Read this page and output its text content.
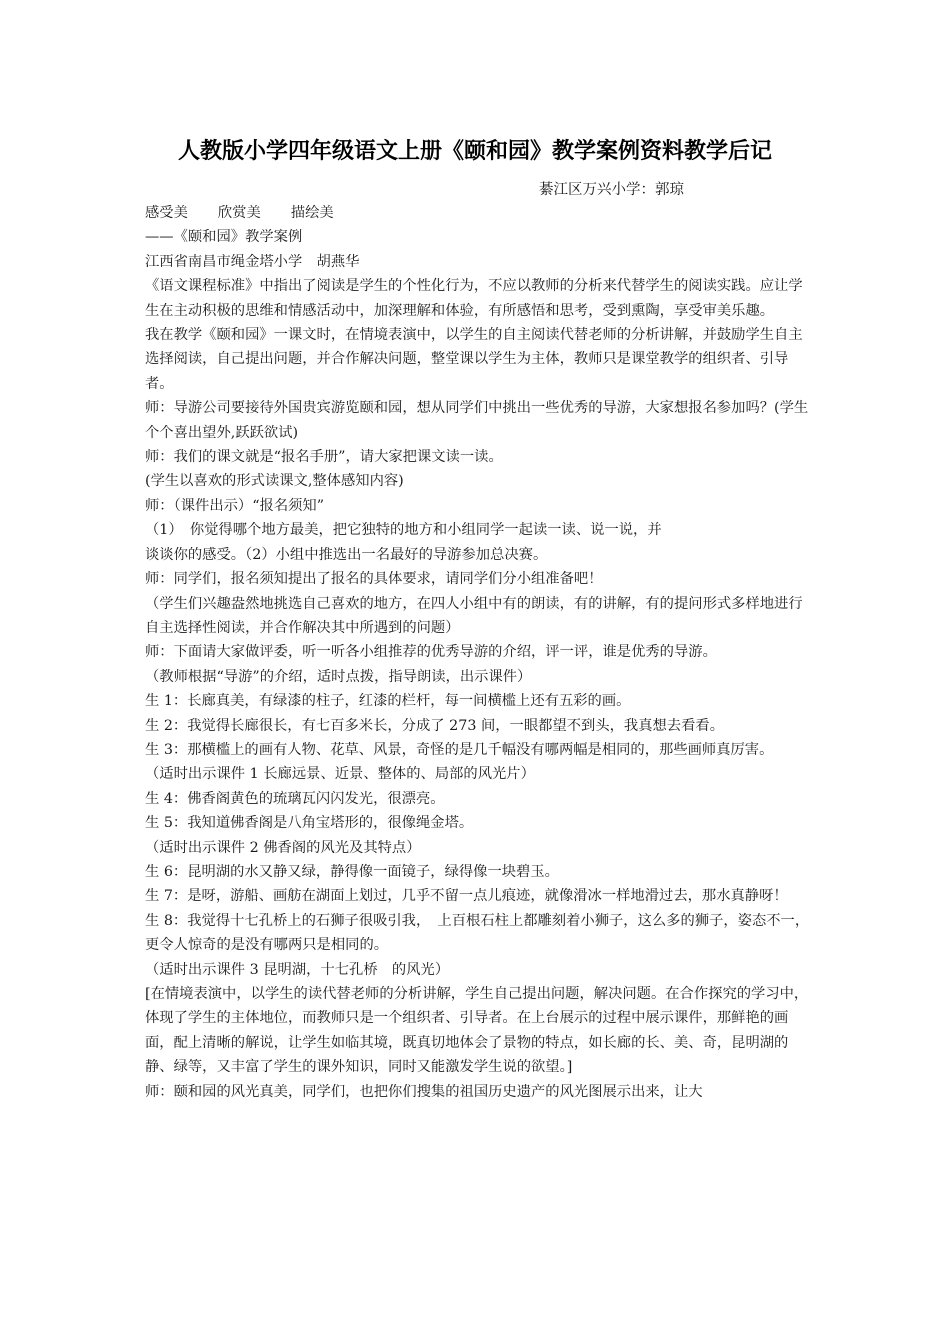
人教版小学四年级语文上册《颐和园》教学案例资料教学后记
綦江区万兴小学：郭琼

感受美 欣赏美 描绘美

——《颐和园》教学案例

江西省南昌市绳金塔小学　胡燕华

《语文课程标准》中指出了阅读是学生的个性化行为，不应以教师的分析来代替学生的阅读实践。应让学生在主动积极的思维和情感活动中，加深理解和体验，有所感悟和思考，受到熏陶，享受审美乐趣。

我在教学《颐和园》一课文时，在情境表演中，以学生的自主阅读代替老师的分析讲解，并鼓励学生自主选择阅读，自己提出问题，并合作解决问题，整堂课以学生为主体，教师只是课堂教学的组织者、引导者。

师：导游公司要接待外国贵宾游览颐和园，想从同学们中挑出一些优秀的导游，大家想报名参加吗？(学生个个喜出望外,跃跃欲试)

师：我们的课文就是“报名手册”，请大家把课文读一读。

(学生以喜欢的形式读课文,整体感知内容)

师：（课件出示）“报名须知”

（1）　你觉得哪个地方最美，把它独特的地方和小组同学一起读一读、说一说，并

谈谈你的感受。（2）小组中推选出一名最好的导游参加总决赛。

师：同学们，报名须知提出了报名的具体要求，请同学们分小组准备吧！

（学生们兴趣盎然地挑选自己喜欢的地方，在四人小组中有的朗读，有的讲解，有的提问形式多样地进行自主选择性阅读，并合作解决其中所遇到的问题）

师：下面请大家做评委，听一听各小组推荐的优秀导游的介绍，评一评，谁是优秀的导游。

（教师根据“导游”的介绍，适时点拨，指导朗读，出示课件）

生 1：长廊真美，有绿漆的柱子，红漆的栏杆，每一间横槛上还有五彩的画。

生 2：我觉得长廊很长，有七百多米长，分成了 273 间，一眼都望不到头，我真想去看看。

生 3：那横槛上的画有人物、花草、风景，奇怪的是几千幅没有哪两幅是相同的，那些画师真厉害。

（适时出示课件 1 长廊远景、近景、整体的、局部的风光片）

生 4：佛香阁黄色的琉璃瓦闪闪发光，很漂亮。

生 5：我知道佛香阁是八角宝塔形的，很像绳金塔。

（适时出示课件 2 佛香阁的风光及其特点）

生 6：昆明湖的水又静又绿，静得像一面镜子，绿得像一块碧玉。

生 7：是呀，游船、画舫在湖面上划过，几乎不留一点儿痕迹，就像滑冰一样地滑过去，那水真静呀！

生 8：我觉得十七孔桥上的石狮子很吸引我，　上百根石柱上都雕刻着小狮子，这么多的狮子，姿态不一，更令人惊奇的是没有哪两只是相同的。

（适时出示课件 3 昆明湖，十七孔桥　的风光）

[在情境表演中，以学生的读代替老师的分析讲解，学生自己提出问题，解决问题。在合作探究的学习中，体现了学生的主体地位，而教师只是一个组织者、引导者。在上台展示的过程中展示课件，那鲜艳的画面，配上清晰的解说，让学生如临其境，既真切地体会了景物的特点，如长廊的长、美、奇，昆明湖的静、绿等，又丰富了学生的课外知识，同时又能激发学生说的欲望。]

师：颐和园的风光真美，同学们，也把你们搜集的祖国历史遗产的风光图展示出来，让大
